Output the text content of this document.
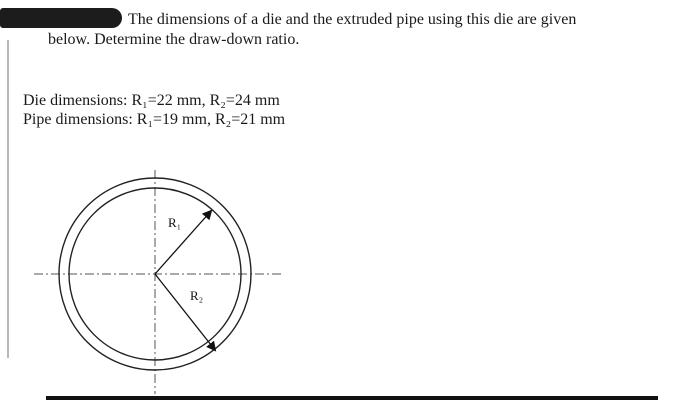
The dimensions of a die and the extruded pipe using this die are given
below. Determine the draw-down ratio.

Die dimensions: R₁=22 mm, R₂=24 mm
Pipe dimensions: R₁=19 mm, R₂=21 mm
R₁
R₂
